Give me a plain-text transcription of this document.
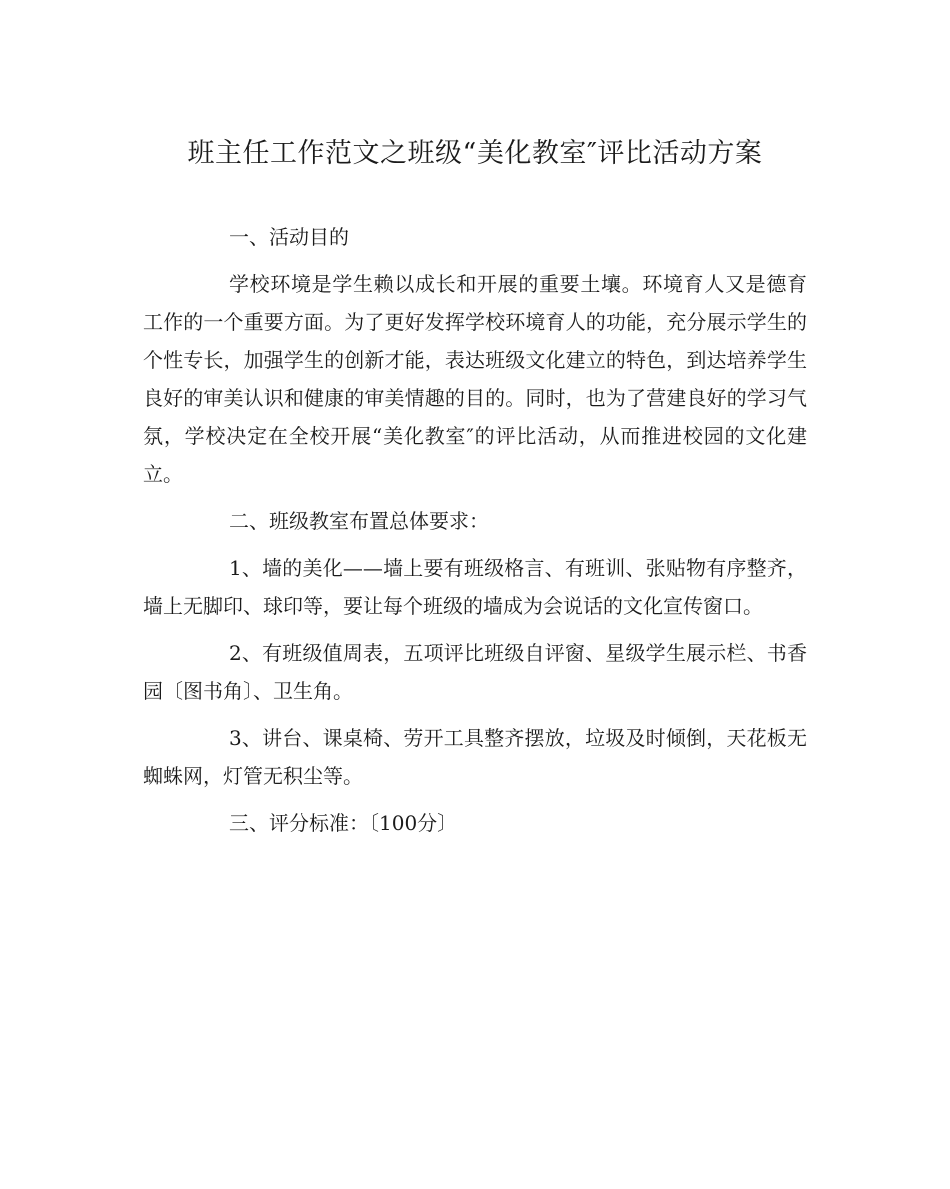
班主任工作范文之班级“美化教室″评比活动方案

一、活动目的

学校环境是学生赖以成长和开展的重要土壤。环境育人又是德育工作的一个重要方面。为了更好发挥学校环境育人的功能，充分展示学生的个性专长，加强学生的创新才能，表达班级文化建立的特色，到达培养学生良好的审美认识和健康的审美情趣的目的。同时，也为了营建良好的学习气氛，学校决定在全校开展“美化教室″的评比活动，从而推进校园的文化建立。

二、班级教室布置总体要求：

1、墙的美化——墙上要有班级格言、有班训、张贴物有序整齐，墙上无脚印、球印等，要让每个班级的墙成为会说话的文化宣传窗口。

2、有班级值周表，五项评比班级自评窗、星级学生展示栏、书香园〔图书角〕、卫生角。

3、讲台、课桌椅、劳开工具整齐摆放，垃圾及时倾倒，天花板无蜘蛛网，灯管无积尘等。

三、评分标准：〔100分〕
